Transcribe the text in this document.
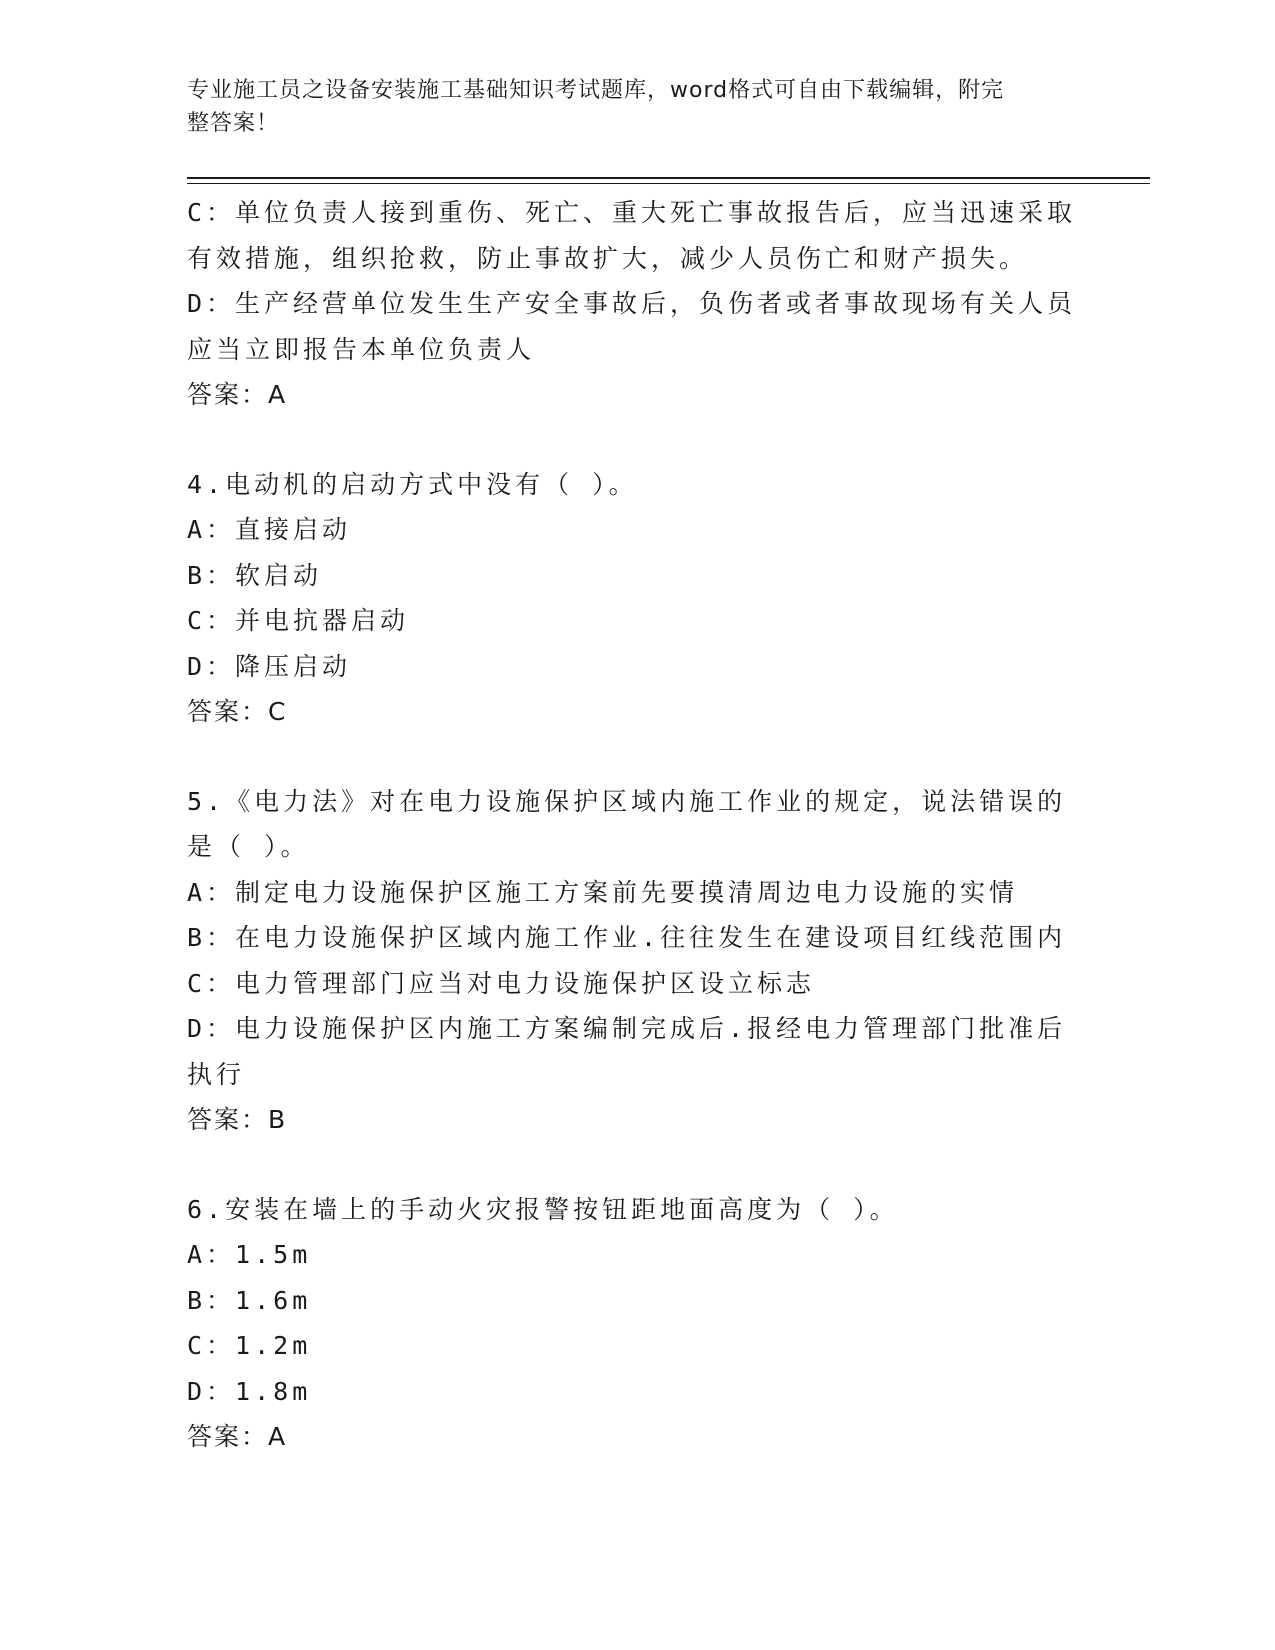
专业施工员之设备安装施工基础知识考试题库，word格式可自由下载编辑，附完
整答案！
C：单位负责人接到重伤、死亡、重大死亡事故报告后，应当迅速采取
有效措施，组织抢救，防止事故扩大，减少人员伤亡和财产损失。
D：生产经营单位发生生产安全事故后，负伤者或者事故现场有关人员
应当立即报告本单位负责人
答案：A
4.电动机的启动方式中没有（ ）。
A：直接启动
B：软启动
C：并电抗器启动
D：降压启动
答案：C
5.《电力法》对在电力设施保护区域内施工作业的规定，说法错误的
是（ ）。
A：制定电力设施保护区施工方案前先要摸清周边电力设施的实情
B：在电力设施保护区域内施工作业.往往发生在建设项目红线范围内
C：电力管理部门应当对电力设施保护区设立标志
D：电力设施保护区内施工方案编制完成后.报经电力管理部门批准后
执行
答案：B
6.安装在墙上的手动火灾报警按钮距地面高度为（ ）。
A：1.5m
B：1.6m
C：1.2m
D：1.8m
答案：A
